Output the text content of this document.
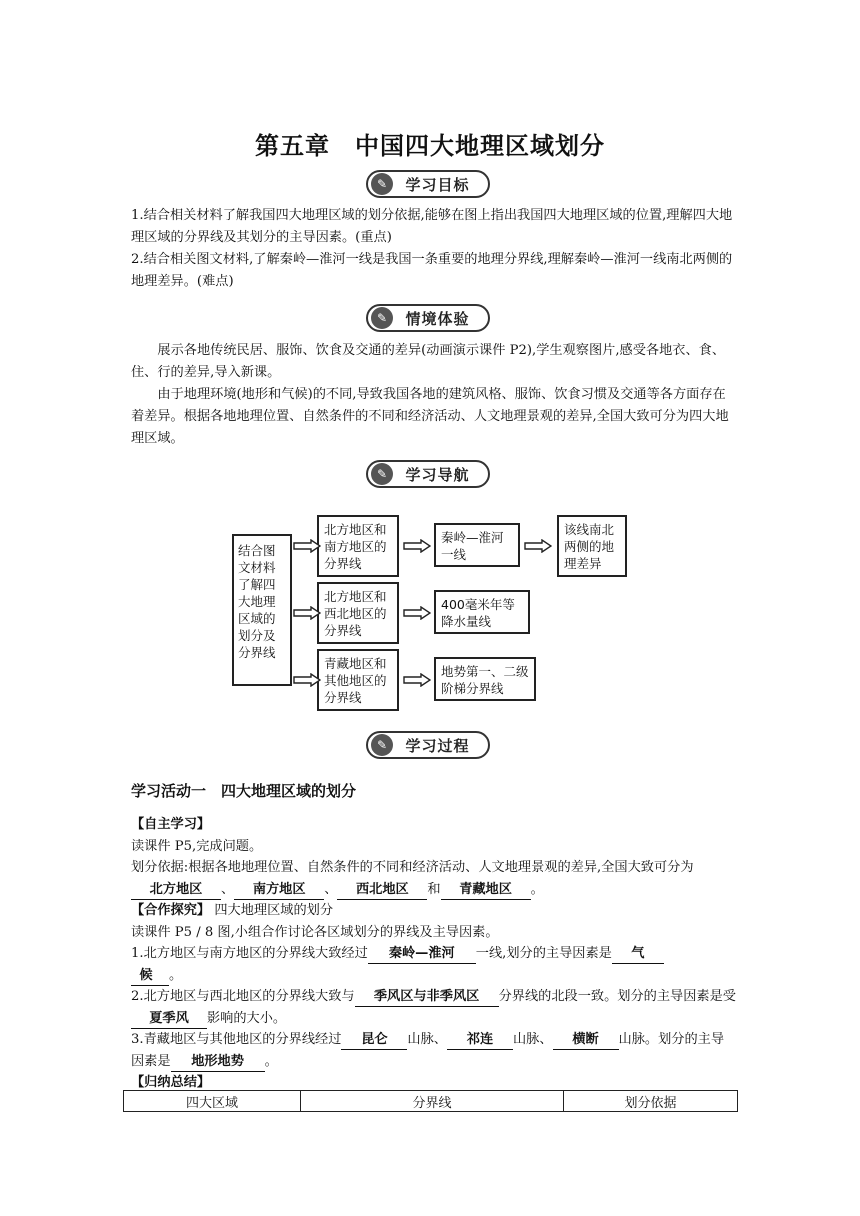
第五章　中国四大地理区域划分
✎	学习目标

1.结合相关材料了解我国四大地理区域的划分依据,能够在图上指出我国四大地理区域的位置,理解四大地理区域的分界线及其划分的主导因素。(重点)

2.结合相关图文材料,了解秦岭—淮河一线是我国一条重要的地理分界线,理解秦岭—淮河一线南北两侧的地理差异。(难点)

✎	情境体验

展示各地传统民居、服饰、饮食及交通的差异(动画演示课件 P2),学生观察图片,感受各地衣、食、住、行的差异,导入新课。

由于地理环境(地形和气候)的不同,导致我国各地的建筑风格、服饰、饮食习惯及交通等各方面存在着差异。根据各地地理位置、自然条件的不同和经济活动、人文地理景观的差异,全国大致可分为四大地理区域。

✎	学习导航
结合图文材料了解四大地理区域的划分及分界线
北方地区和南方地区的分界线
北方地区和西北地区的分界线
青藏地区和其他地区的分界线
秦岭—淮河一线
该线南北两侧的地理差异
400毫米年等降水量线
地势第一、二级阶梯分界线
✎	学习过程
学习活动一　四大地理区域的划分
【自主学习】
读课件 P5,完成问题。
划分依据:根据各地地理位置、自然条件的不同和经济活动、人文地理景观的差异,全国大致可分为北方地区 、 南方地区 、 西北地区 和 青藏地区 。
【合作探究】 四大地理区域的划分
读课件 P5 / 8 图,小组合作讨论各区域划分的界线及主导因素。
1.北方地区与南方地区的分界线大致经过 秦岭—淮河 一线,划分的主导因素是 气
候 。
2.北方地区与西北地区的分界线大致与 季风区与非季风区 分界线的北段一致。划分的主导因素是受夏季风 影响的大小。
3.青藏地区与其他地区的分界线经过 昆仑 山脉、 祁连 山脉、 横断 山脉。划分的主导因素是 地形地势 。
【归纳总结】
四大区域	分界线	划分依据
